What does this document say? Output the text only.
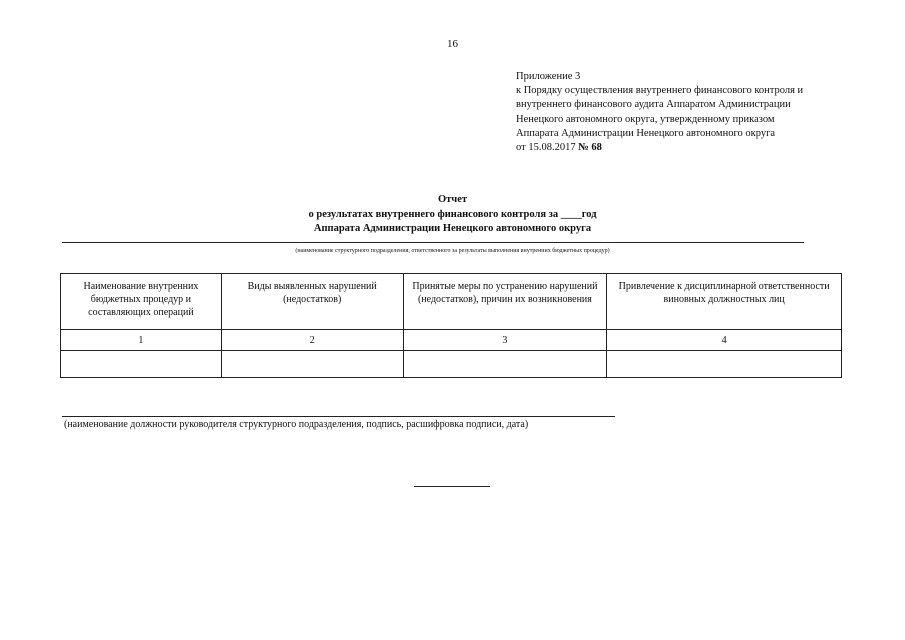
16
Приложение 3
к Порядку осуществления внутреннего финансового контроля и
внутреннего финансового аудита Аппаратом Администрации
Ненецкого автономного округа, утвержденному приказом
Аппарата Администрации Ненецкого автономного округа
от 15.08.2017 № 68
Отчет
о результатах внутреннего финансового контроля за ____год
Аппарата Администрации Ненецкого автономного округа
(наименование структурного подразделения, ответственного за результаты выполнения внутренних бюджетных процедур)
Наименование внутренних бюджетных процедур и составляющих операций	Виды выявленных нарушений (недостатков)	Принятые меры по устранению нарушений (недостатков), причин их возникновения	Привлечение к дисциплинарной ответственности виновных должностных лиц
1	2	3	4

(наименование должности руководителя структурного подразделения, подпись, расшифровка подписи, дата)
